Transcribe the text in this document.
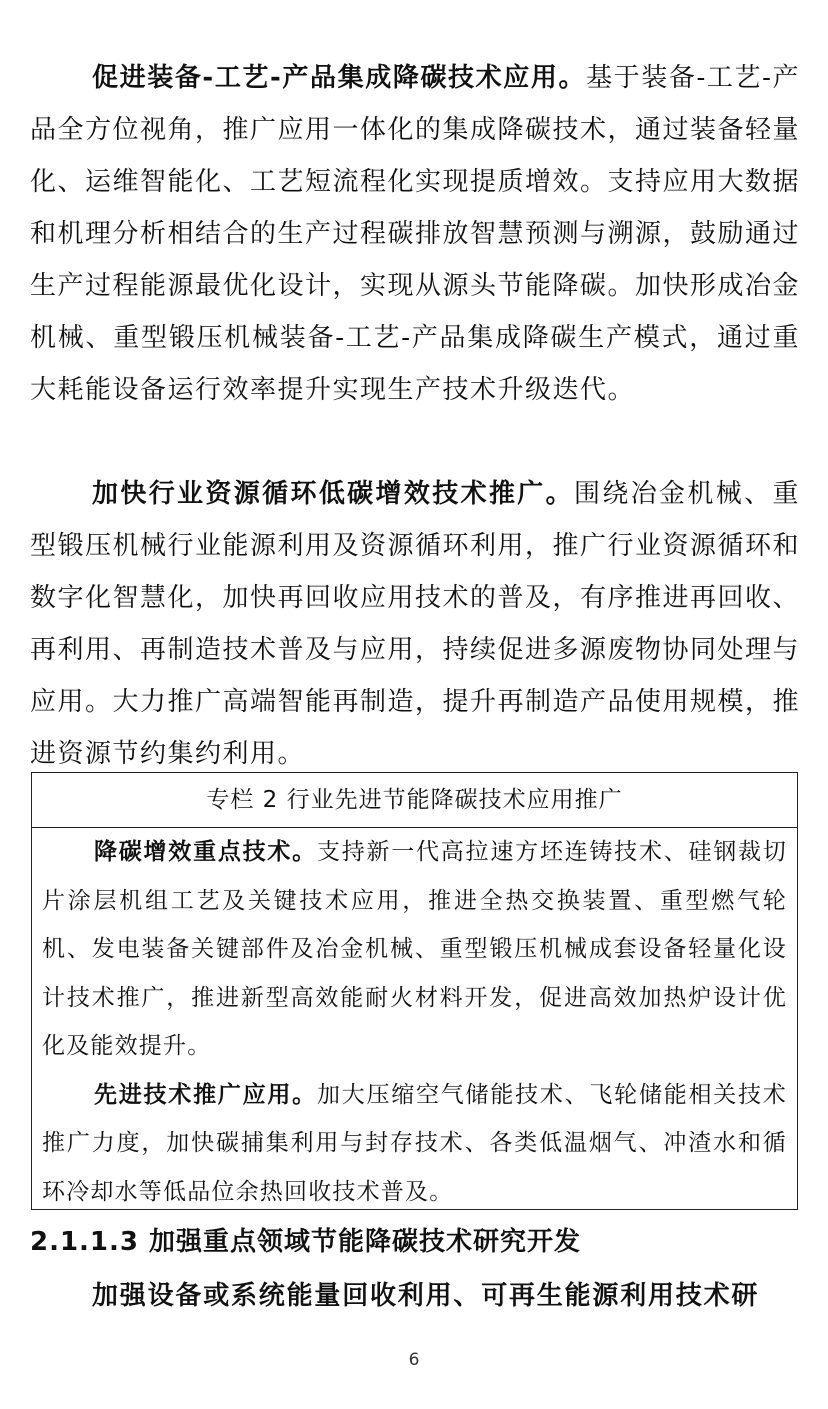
促进装备-工艺-产品集成降碳技术应用。基于装备-工艺-产品全方位视角，推广应用一体化的集成降碳技术，通过装备轻量化、运维智能化、工艺短流程化实现提质增效。支持应用大数据和机理分析相结合的生产过程碳排放智慧预测与溯源，鼓励通过生产过程能源最优化设计，实现从源头节能降碳。加快形成冶金机械、重型锻压机械装备-工艺-产品集成降碳生产模式，通过重大耗能设备运行效率提升实现生产技术升级迭代。

加快行业资源循环低碳增效技术推广。围绕冶金机械、重型锻压机械行业能源利用及资源循环利用，推广行业资源循环和数字化智慧化，加快再回收应用技术的普及，有序推进再回收、再利用、再制造技术普及与应用，持续促进多源废物协同处理与应用。大力推广高端智能再制造，提升再制造产品使用规模，推进资源节约集约利用。

专栏 2 行业先进节能降碳技术应用推广

降碳增效重点技术。支持新一代高拉速方坯连铸技术、硅钢裁切片涂层机组工艺及关键技术应用，推进全热交换装置、重型燃气轮机、发电装备关键部件及冶金机械、重型锻压机械成套设备轻量化设计技术推广，推进新型高效能耐火材料开发，促进高效加热炉设计优化及能效提升。

先进技术推广应用。加大压缩空气储能技术、飞轮储能相关技术推广力度，加快碳捕集利用与封存技术、各类低温烟气、冲渣水和循环冷却水等低品位余热回收技术普及。

2.1.1.3 加强重点领域节能降碳技术研究开发

加强设备或系统能量回收利用、可再生能源利用技术研

6
